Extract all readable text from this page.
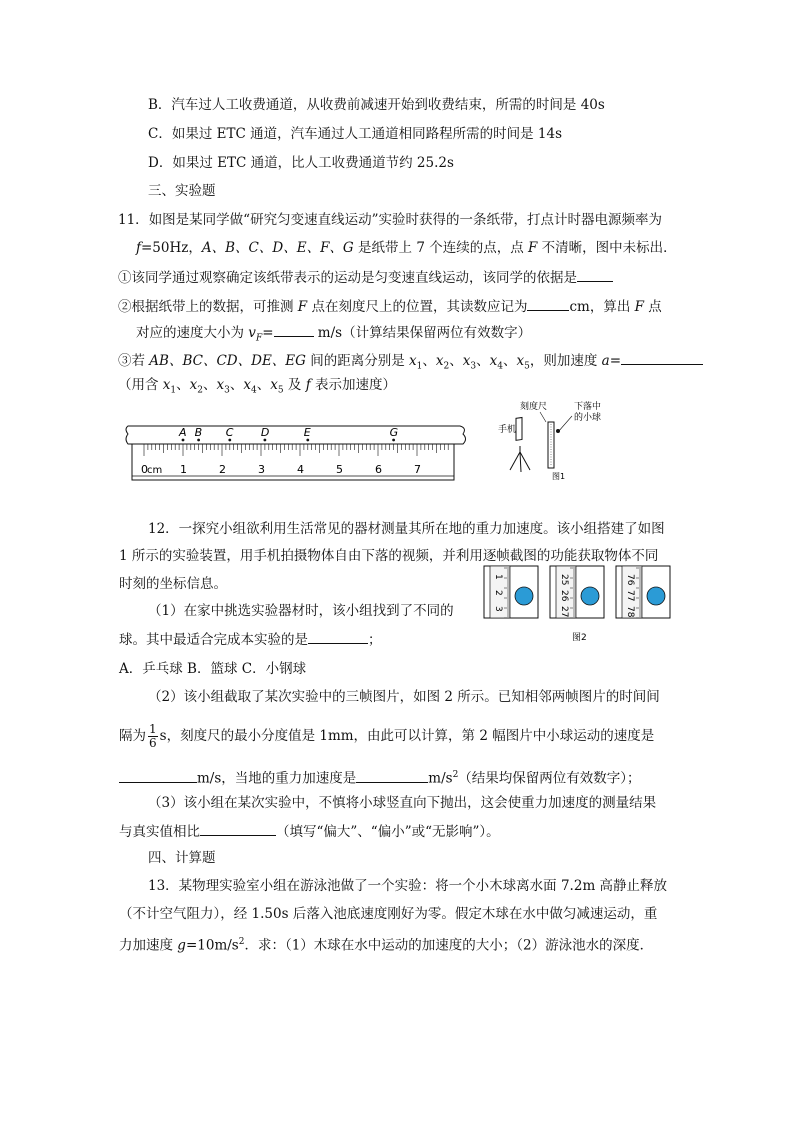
B．汽车过人工收费通道，从收费前减速开始到收费结束，所需的时间是 40s
C．如果过 ETC 通道，汽车通过人工通道相同路程所需的时间是 14s
D．如果过 ETC 通道，比人工收费通道节约 25.2s
三、实验题
11．如图是某同学做“研究匀变速直线运动”实验时获得的一条纸带，打点计时器电源频率为
f=50Hz，A、B、C、D、E、F、G 是纸带上 7 个连续的点，点 F 不清晰，图中未标出．
①该同学通过观察确定该纸带表示的运动是匀变速直线运动，该同学的依据是
②根据纸带上的数据，可推测 F 点在刻度尺上的位置，其读数应记为	cm，算出 F 点
对应的速度大小为 $v_F=$	m/s（计算结果保留两位有效数字）
③若 AB、BC、CD、DE、EG 间的距离分别是 $x_1$、$x_2$、$x_3$、$x_4$、$x_5$，则加速度 a=
（用含 $x_1$、$x_2$、$x_3$、$x_4$、$x_5$ 及 f 表示加速度）
0	1	2	3	4	5	6	7
cm
A B C D	E	G
刻度尺	下落中
的小球
手机
图1
12．一探究小组欲利用生活常见的器材测量其所在地的重力加速度。该小组搭建了如图
1 所示的实验装置，用手机拍摄物体自由下落的视频，并利用逐帧截图的功能获取物体不同
时刻的坐标信息。	1
2
3
25
26
27
76
77
78
图2
（1）在家中挑选实验器材时，该小组找到了不同的
球。其中最适合完成本实验的是	；
A．乒乓球 B．篮球 C．小钢球
（2）该小组截取了某次实验中的三帧图片，如图 2 所示。已知相邻两帧图片的时间间
隔为 $\frac{1}{6}$ s，刻度尺的最小分度值是 1mm，由此可以计算，第 2 幅图片中小球运动的速度是
m/s，当地的重力加速度是	$m/s^2$（结果均保留两位有效数字）；
（3）该小组在某次实验中，不慎将小球竖直向下抛出，这会使重力加速度的测量结果
与真实值相比	（填写“偏大”、“偏小”或“无影响”）。
四、计算题
13．某物理实验室小组在游泳池做了一个实验：将一个小木球离水面 7.2m 高静止释放
（不计空气阻力），经 1.50s 后落入池底速度刚好为零。假定木球在水中做匀减速运动，重
力加速度 $g=10m/s^2$．求：（1）木球在水中运动的加速度的大小；（2）游泳池水的深度．
